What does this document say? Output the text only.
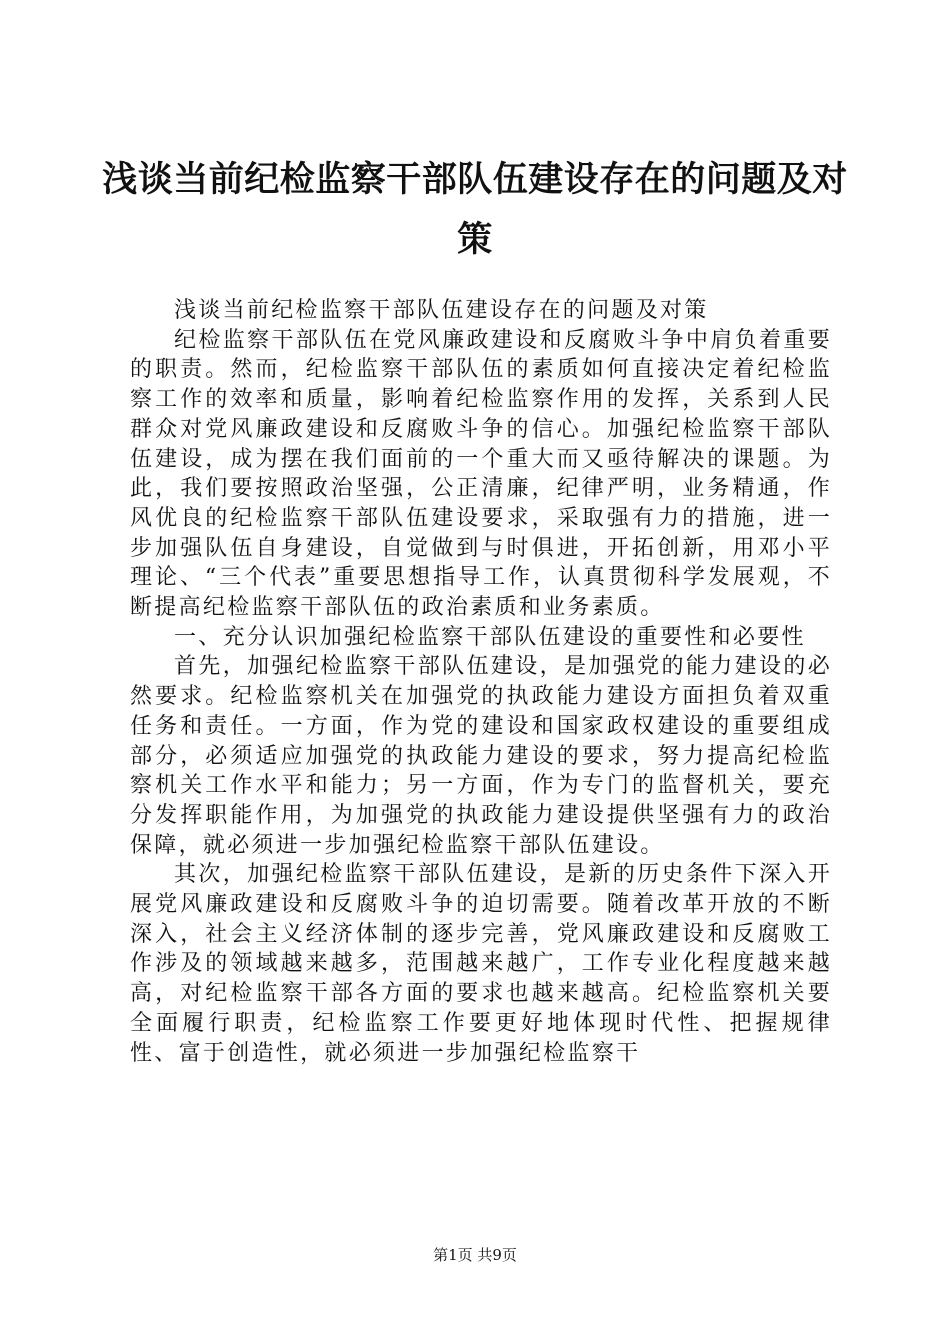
浅谈当前纪检监察干部队伍建设存在的问题及对策

浅谈当前纪检监察干部队伍建设存在的问题及对策

纪检监察干部队伍在党风廉政建设和反腐败斗争中肩负着重要的职责。然而，纪检监察干部队伍的素质如何直接决定着纪检监察工作的效率和质量，影响着纪检监察作用的发挥，关系到人民群众对党风廉政建设和反腐败斗争的信心。加强纪检监察干部队伍建设，成为摆在我们面前的一个重大而又亟待解决的课题。为此，我们要按照政治坚强，公正清廉，纪律严明，业务精通，作风优良的纪检监察干部队伍建设要求，采取强有力的措施，进一步加强队伍自身建设，自觉做到与时俱进，开拓创新，用邓小平理论、“三个代表”重要思想指导工作，认真贯彻科学发展观，不断提高纪检监察干部队伍的政治素质和业务素质。

一、充分认识加强纪检监察干部队伍建设的重要性和必要性

首先，加强纪检监察干部队伍建设，是加强党的能力建设的必然要求。纪检监察机关在加强党的执政能力建设方面担负着双重任务和责任。一方面，作为党的建设和国家政权建设的重要组成部分，必须适应加强党的执政能力建设的要求，努力提高纪检监察机关工作水平和能力；另一方面，作为专门的监督机关，要充分发挥职能作用，为加强党的执政能力建设提供坚强有力的政治保障，就必须进一步加强纪检监察干部队伍建设。

其次，加强纪检监察干部队伍建设，是新的历史条件下深入开展党风廉政建设和反腐败斗争的迫切需要。随着改革开放的不断深入，社会主义经济体制的逐步完善，党风廉政建设和反腐败工作涉及的领域越来越多，范围越来越广，工作专业化程度越来越高，对纪检监察干部各方面的要求也越来越高。纪检监察机关要全面履行职责，纪检监察工作要更好地体现时代性、把握规律性、富于创造性，就必须进一步加强纪检监察干

第1页 共9页
